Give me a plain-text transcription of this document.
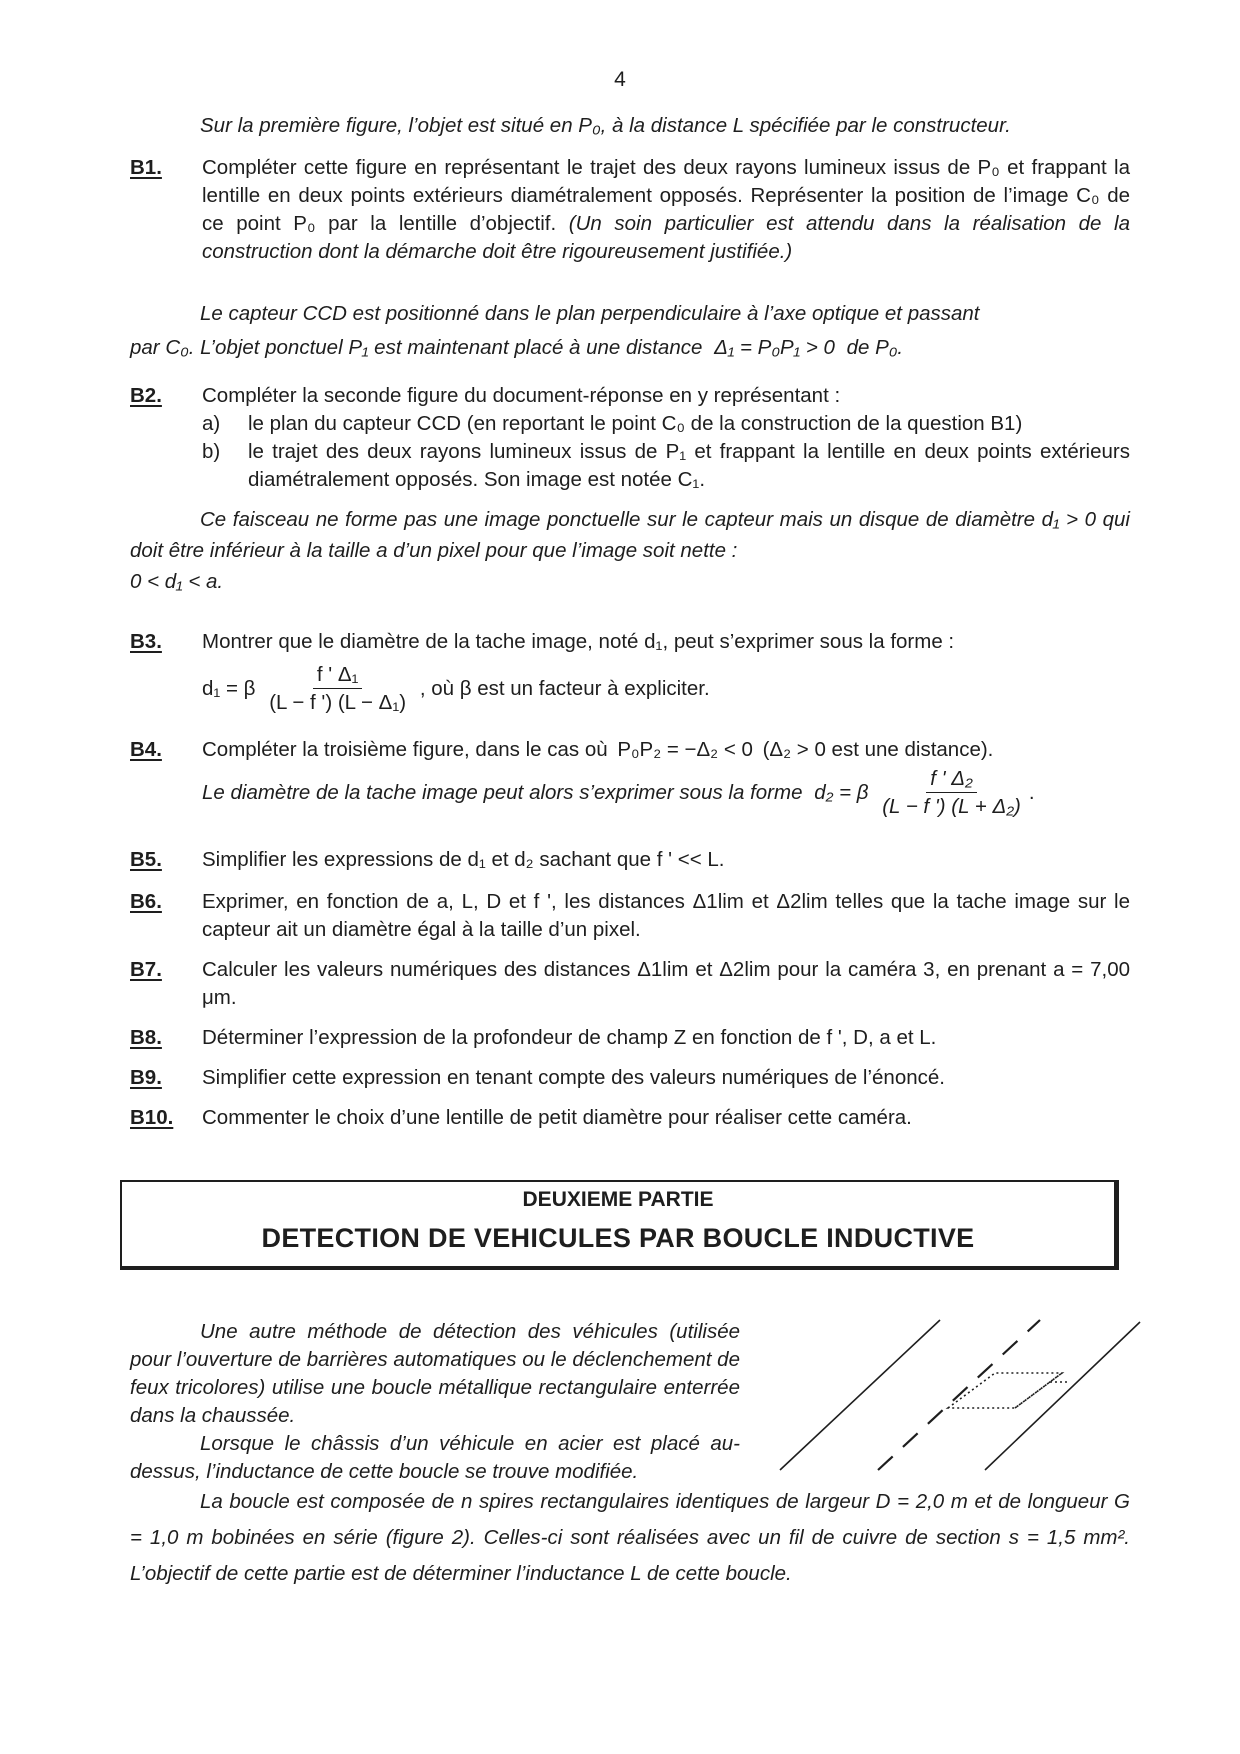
4
Sur la première figure, l’objet est situé en P₀, à la distance L spécifiée par le constructeur.
B1. Compléter cette figure en représentant le trajet des deux rayons lumineux issus de P₀ et frappant la lentille en deux points extérieurs diamétralement opposés. Représenter la position de l’image C₀ de ce point P₀ par la lentille d’objectif. (Un soin particulier est attendu dans la réalisation de la construction dont la démarche doit être rigoureusement justifiée.)
Le capteur CCD est positionné dans le plan perpendiculaire à l’axe optique et passant
par C₀. L’objet ponctuel P₁ est maintenant placé à une distance Δ₁ = P₀P₁ > 0 de P₀.
B2. Compléter la seconde figure du document-réponse en y représentant :
a)	le plan du capteur CCD (en reportant le point C₀ de la construction de la question B1)
b)	le trajet des deux rayons lumineux issus de P₁ et frappant la lentille en deux points extérieurs diamétralement opposés. Son image est notée C₁.
Ce faisceau ne forme pas une image ponctuelle sur le capteur mais un disque de diamètre d₁ > 0 qui doit être inférieur à la taille a d’un pixel pour que l’image soit nette :
0 < d₁ < a.
B3. Montrer que le diamètre de la tache image, noté d₁, peut s’exprimer sous la forme :
d₁ = β $\frac{\text{f ' Δ₁}}{\text{(L − f ') (L − Δ₁)}}$ , où β est un facteur à expliciter.
B4. Compléter la troisième figure, dans le cas où P₀P₂ = −Δ₂ < 0 (Δ₂ > 0 est une distance).
Le diamètre de la tache image peut alors s’exprimer sous la forme d₂ = β $\frac{\text{f ' Δ₂}}{\text{(L − f ') (L + Δ₂)}}$ .
B5. Simplifier les expressions de d₁ et d₂ sachant que f ' << L.
B6. Exprimer, en fonction de a, L, D et f ', les distances Δ1lim et Δ2lim telles que la tache image sur le capteur ait un diamètre égal à la taille d’un pixel.
B7. Calculer les valeurs numériques des distances Δ1lim et Δ2lim pour la caméra 3, en prenant a = 7,00 μm.
B8. Déterminer l’expression de la profondeur de champ Z en fonction de f ', D, a et L.
B9. Simplifier cette expression en tenant compte des valeurs numériques de l’énoncé.
B10. Commenter le choix d’une lentille de petit diamètre pour réaliser cette caméra.
DEUXIEME PARTIE
DETECTION DE VEHICULES PAR BOUCLE INDUCTIVE

Une autre méthode de détection des véhicules (utilisée pour l’ouverture de barrières automatiques ou le déclenchement de feux tricolores) utilise une boucle métallique rectangulaire enterrée dans la chaussée.

Lorsque le châssis d’un véhicule en acier est placé au-dessus, l’inductance de cette boucle se trouve modifiée.

La boucle est composée de n spires rectangulaires identiques de largeur D = 2,0 m et de longueur G = 1,0 m bobinées en série (figure 2). Celles-ci sont réalisées avec un fil de cuivre de section s = 1,5 mm². L’objectif de cette partie est de déterminer l’inductance L de cette boucle.
